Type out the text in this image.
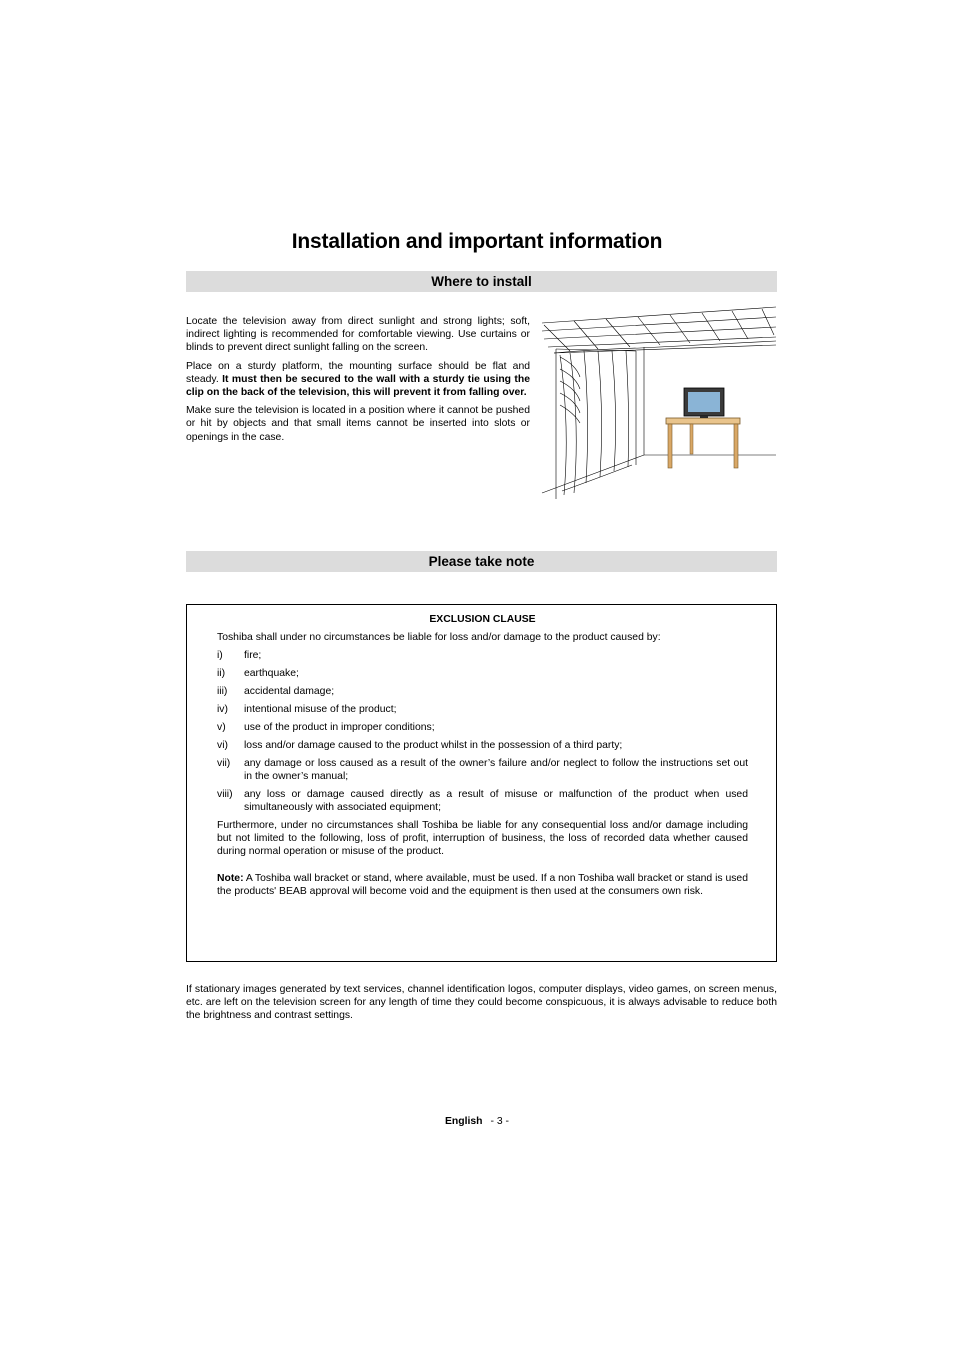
Installation and important information
Where to install

Locate the television away from direct sunlight and strong lights; soft, indirect lighting is recommended for comfortable viewing. Use curtains or blinds to prevent direct sunlight falling on the screen.

Place on a sturdy platform, the mounting surface should be flat and steady. It must then be secured to the wall with a sturdy tie using the clip on the back of the television, this will prevent it from falling over.

Make sure the television is located in a position where it cannot be pushed or hit by objects and that small items cannot be inserted into slots or openings in the case.

Please take note
EXCLUSION CLAUSE

Toshiba shall under no circumstances be liable for loss and/or damage to the product caused by:

i)	fire;
ii)	earthquake;
iii)	accidental damage;
iv)	intentional misuse of the product;
v)	use of the product in improper conditions;
vi)	loss and/or damage caused to the product whilst in the possession of a third party;
vii)	any damage or loss caused as a result of the owner’s failure and/or neglect to follow the instructions set out in the owner’s manual;
viii)	any loss or damage caused directly as a result of misuse or malfunction of the product when used simultaneously with associated equipment;

Furthermore, under no circumstances shall Toshiba be liable for any consequential loss and/or damage including but not limited to the following, loss of profit, interruption of business, the loss of recorded data whether caused during normal operation or misuse of the product.

Note: A Toshiba wall bracket or stand, where available, must be used. If a non Toshiba wall bracket or stand is used the products' BEAB approval will become void and the equipment is then used at the consumers own risk.

If stationary images generated by text services, channel identification logos, computer displays, video games, on screen menus, etc. are left on the television screen for any length of time they could become conspicuous, it is always advisable to reduce both the brightness and contrast settings.

English - 3 -
